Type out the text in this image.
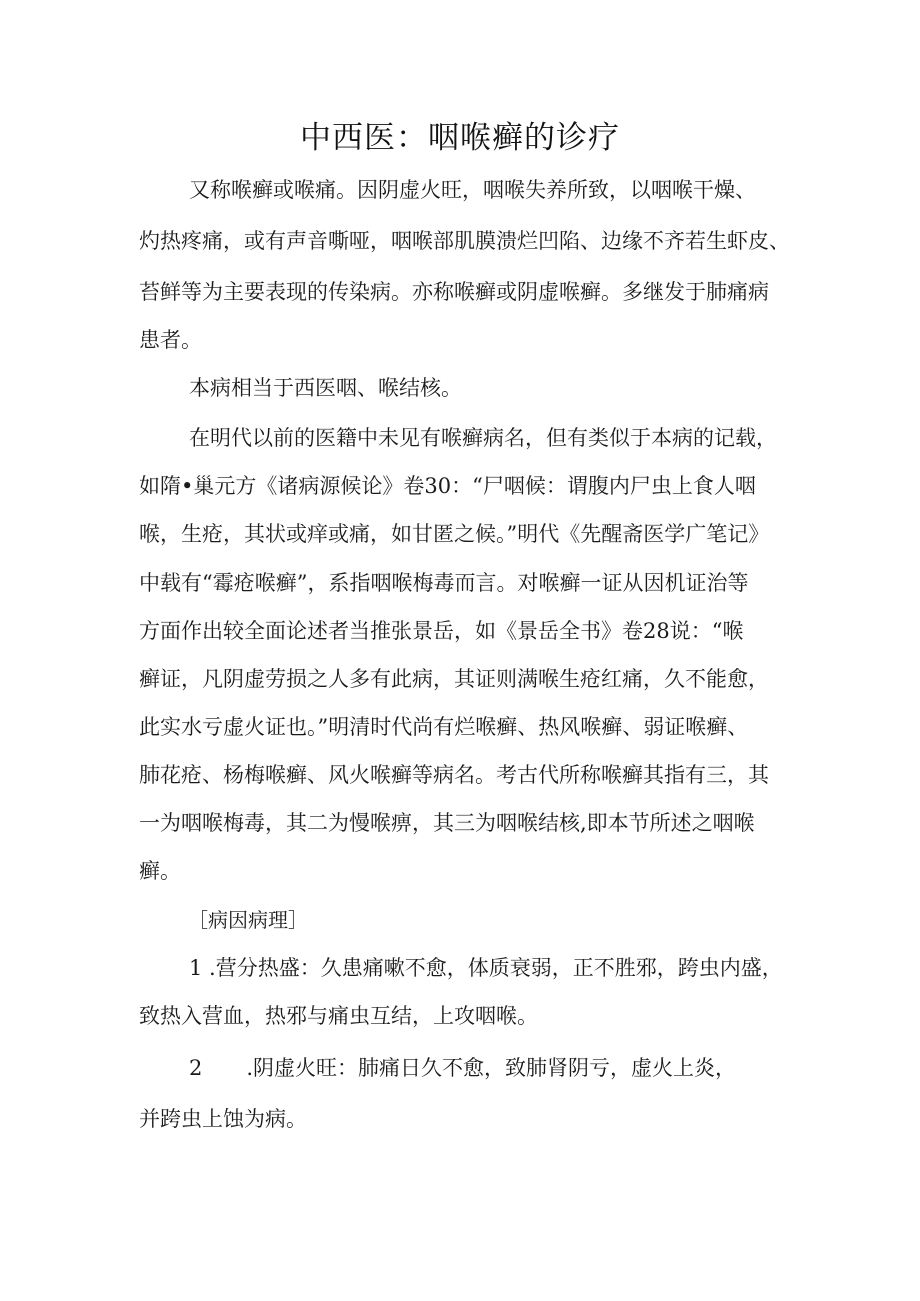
中西医：咽喉癣的诊疗

又称喉癣或喉痛。因阴虚火旺，咽喉失养所致，以咽喉干燥、

灼热疼痛，或有声音嘶哑，咽喉部肌膜溃烂凹陷、边缘不齐若生虾皮、

苔鲜等为主要表现的传染病。亦称喉癣或阴虚喉癣。多继发于肺痛病

患者。

本病相当于西医咽、喉结核。

在明代以前的医籍中未见有喉癣病名，但有类似于本病的记载，

如隋•巢元方《诸病源候论》卷30：“尸咽候：谓腹内尸虫上食人咽

喉，生疮，其状或痒或痛，如甘匿之候。”明代《先醒斋医学广笔记》

中载有“霉疮喉癣”，系指咽喉梅毒而言。对喉癣一证从因机证治等

方面作出较全面论述者当推张景岳，如《景岳全书》卷28说：“喉

癣证，凡阴虚劳损之人多有此病，其证则满喉生疮红痛，久不能愈，

此实水亏虚火证也。”明清时代尚有烂喉癣、热风喉癣、弱证喉癣、

肺花疮、杨梅喉癣、风火喉癣等病名。考古代所称喉癣其指有三，其

一为咽喉梅毒，其二为慢喉痹，其三为咽喉结核,即本节所述之咽喉

癣。

［病因病理］

1 .营分热盛：久患痛嗽不愈，体质衰弱，正不胜邪，跨虫内盛，

致热入营血，热邪与痛虫互结，上攻咽喉。

2 .阴虚火旺：肺痛日久不愈，致肺肾阴亏，虚火上炎，

并跨虫上蚀为病。
